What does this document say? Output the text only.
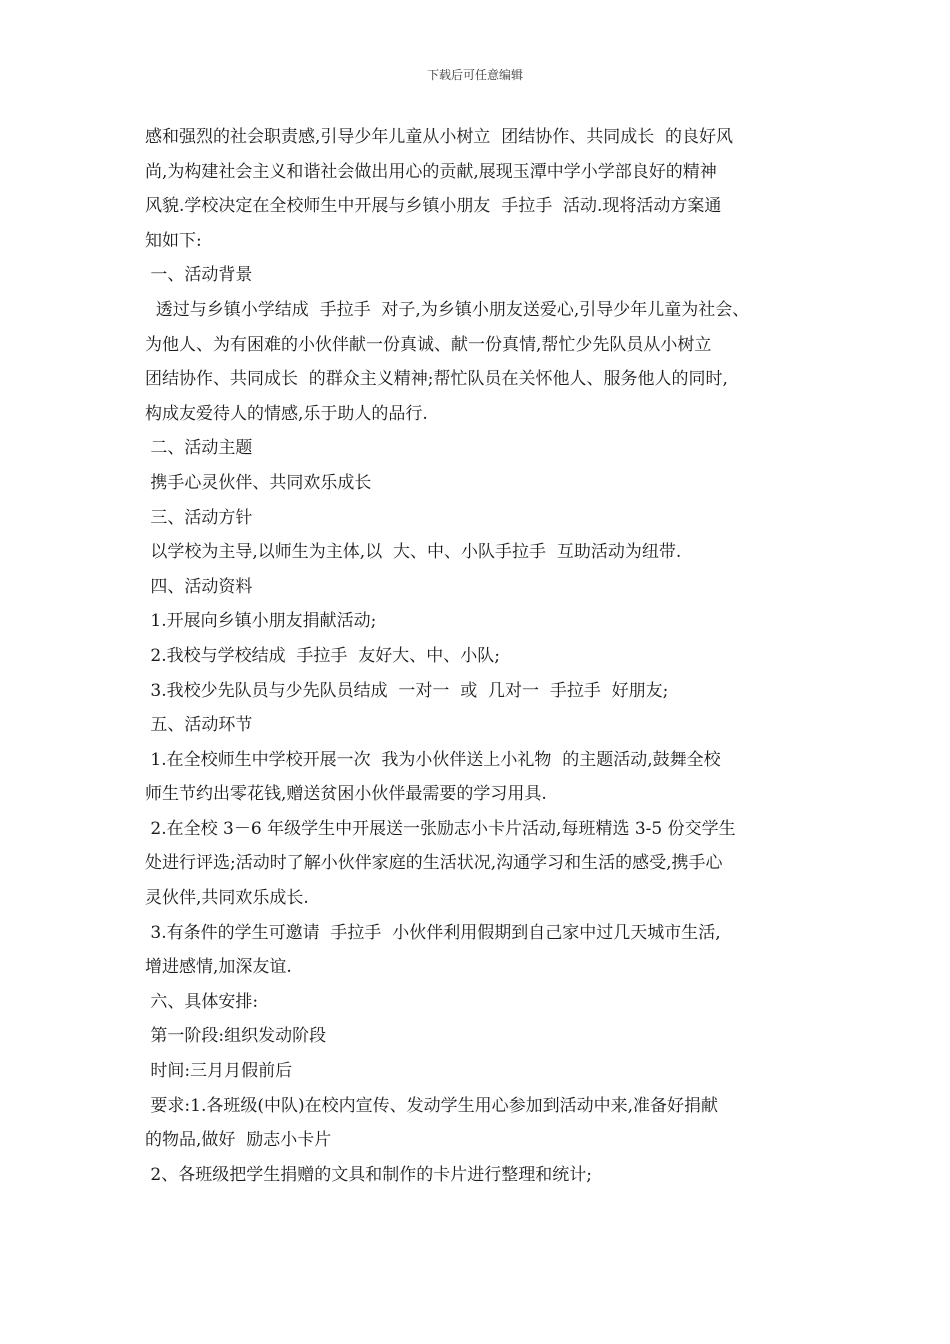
下载后可任意编辑
感和强烈的社会职责感,引导少年儿童从小树立  团结协作、共同成长  的良好风
尚,为构建社会主义和谐社会做出用心的贡献,展现玉潭中学小学部良好的精神
风貌.学校决定在全校师生中开展与乡镇小朋友  手拉手  活动.现将活动方案通
知如下:
一、活动背景
透过与乡镇小学结成  手拉手  对子,为乡镇小朋友送爱心,引导少年儿童为社会、
为他人、为有困难的小伙伴献一份真诚、献一份真情,帮忙少先队员从小树立
团结协作、共同成长  的群众主义精神;帮忙队员在关怀他人、服务他人的同时,
构成友爱待人的情感,乐于助人的品行.
二、活动主题
携手心灵伙伴、共同欢乐成长
三、活动方针
以学校为主导,以师生为主体,以  大、中、小队手拉手  互助活动为纽带.
四、活动资料
1.开展向乡镇小朋友捐献活动;
2.我校与学校结成  手拉手  友好大、中、小队;
3.我校少先队员与少先队员结成  一对一  或  几对一  手拉手  好朋友;
五、活动环节
1.在全校师生中学校开展一次  我为小伙伴送上小礼物  的主题活动,鼓舞全校
师生节约出零花钱,赠送贫困小伙伴最需要的学习用具.
2.在全校 3－6 年级学生中开展送一张励志小卡片活动,每班精选 3-5 份交学生
处进行评选;活动时了解小伙伴家庭的生活状况,沟通学习和生活的感受,携手心
灵伙伴,共同欢乐成长.
3.有条件的学生可邀请  手拉手  小伙伴利用假期到自己家中过几天城市生活,
增进感情,加深友谊.
六、具体安排:
第一阶段:组织发动阶段
时间:三月月假前后
要求:1.各班级(中队)在校内宣传、发动学生用心参加到活动中来,准备好捐献
的物品,做好  励志小卡片
2、各班级把学生捐赠的文具和制作的卡片进行整理和统计;
